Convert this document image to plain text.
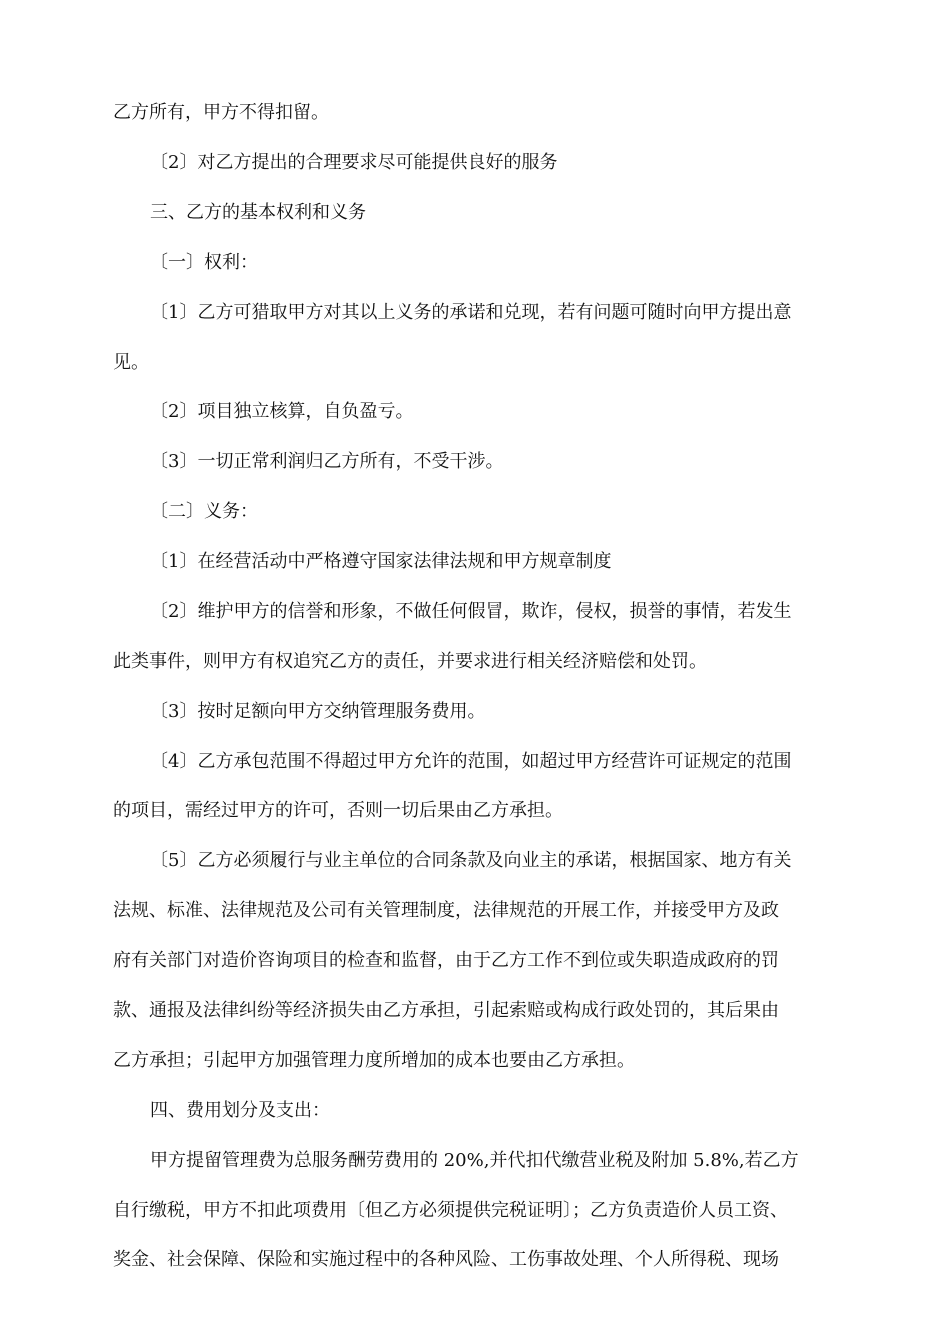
乙方所有，甲方不得扣留。
〔2〕对乙方提出的合理要求尽可能提供良好的服务
三、乙方的基本权利和义务
〔一〕权利：
〔1〕乙方可猎取甲方对其以上义务的承诺和兑现，若有问题可随时向甲方提出意
见。
〔2〕项目独立核算，自负盈亏。
〔3〕一切正常利润归乙方所有，不受干涉。
〔二〕义务：
〔1〕在经营活动中严格遵守国家法律法规和甲方规章制度
〔2〕维护甲方的信誉和形象，不做任何假冒，欺诈，侵权，损誉的事情，若发生
此类事件，则甲方有权追究乙方的责任，并要求进行相关经济赔偿和处罚。
〔3〕按时足额向甲方交纳管理服务费用。
〔4〕乙方承包范围不得超过甲方允许的范围，如超过甲方经营许可证规定的范围
的项目，需经过甲方的许可，否则一切后果由乙方承担。
〔5〕乙方必须履行与业主单位的合同条款及向业主的承诺，根据国家、地方有关
法规、标准、法律规范及公司有关管理制度，法律规范的开展工作，并接受甲方及政
府有关部门对造价咨询项目的检查和监督，由于乙方工作不到位或失职造成政府的罚
款、通报及法律纠纷等经济损失由乙方承担，引起索赔或构成行政处罚的，其后果由
乙方承担；引起甲方加强管理力度所增加的成本也要由乙方承担。
四、费用划分及支出：
甲方提留管理费为总服务酬劳费用的 20%,并代扣代缴营业税及附加 5.8%,若乙方
自行缴税，甲方不扣此项费用〔但乙方必须提供完税证明〕；乙方负责造价人员工资、
奖金、社会保障、保险和实施过程中的各种风险、工伤事故处理、个人所得税、现场
